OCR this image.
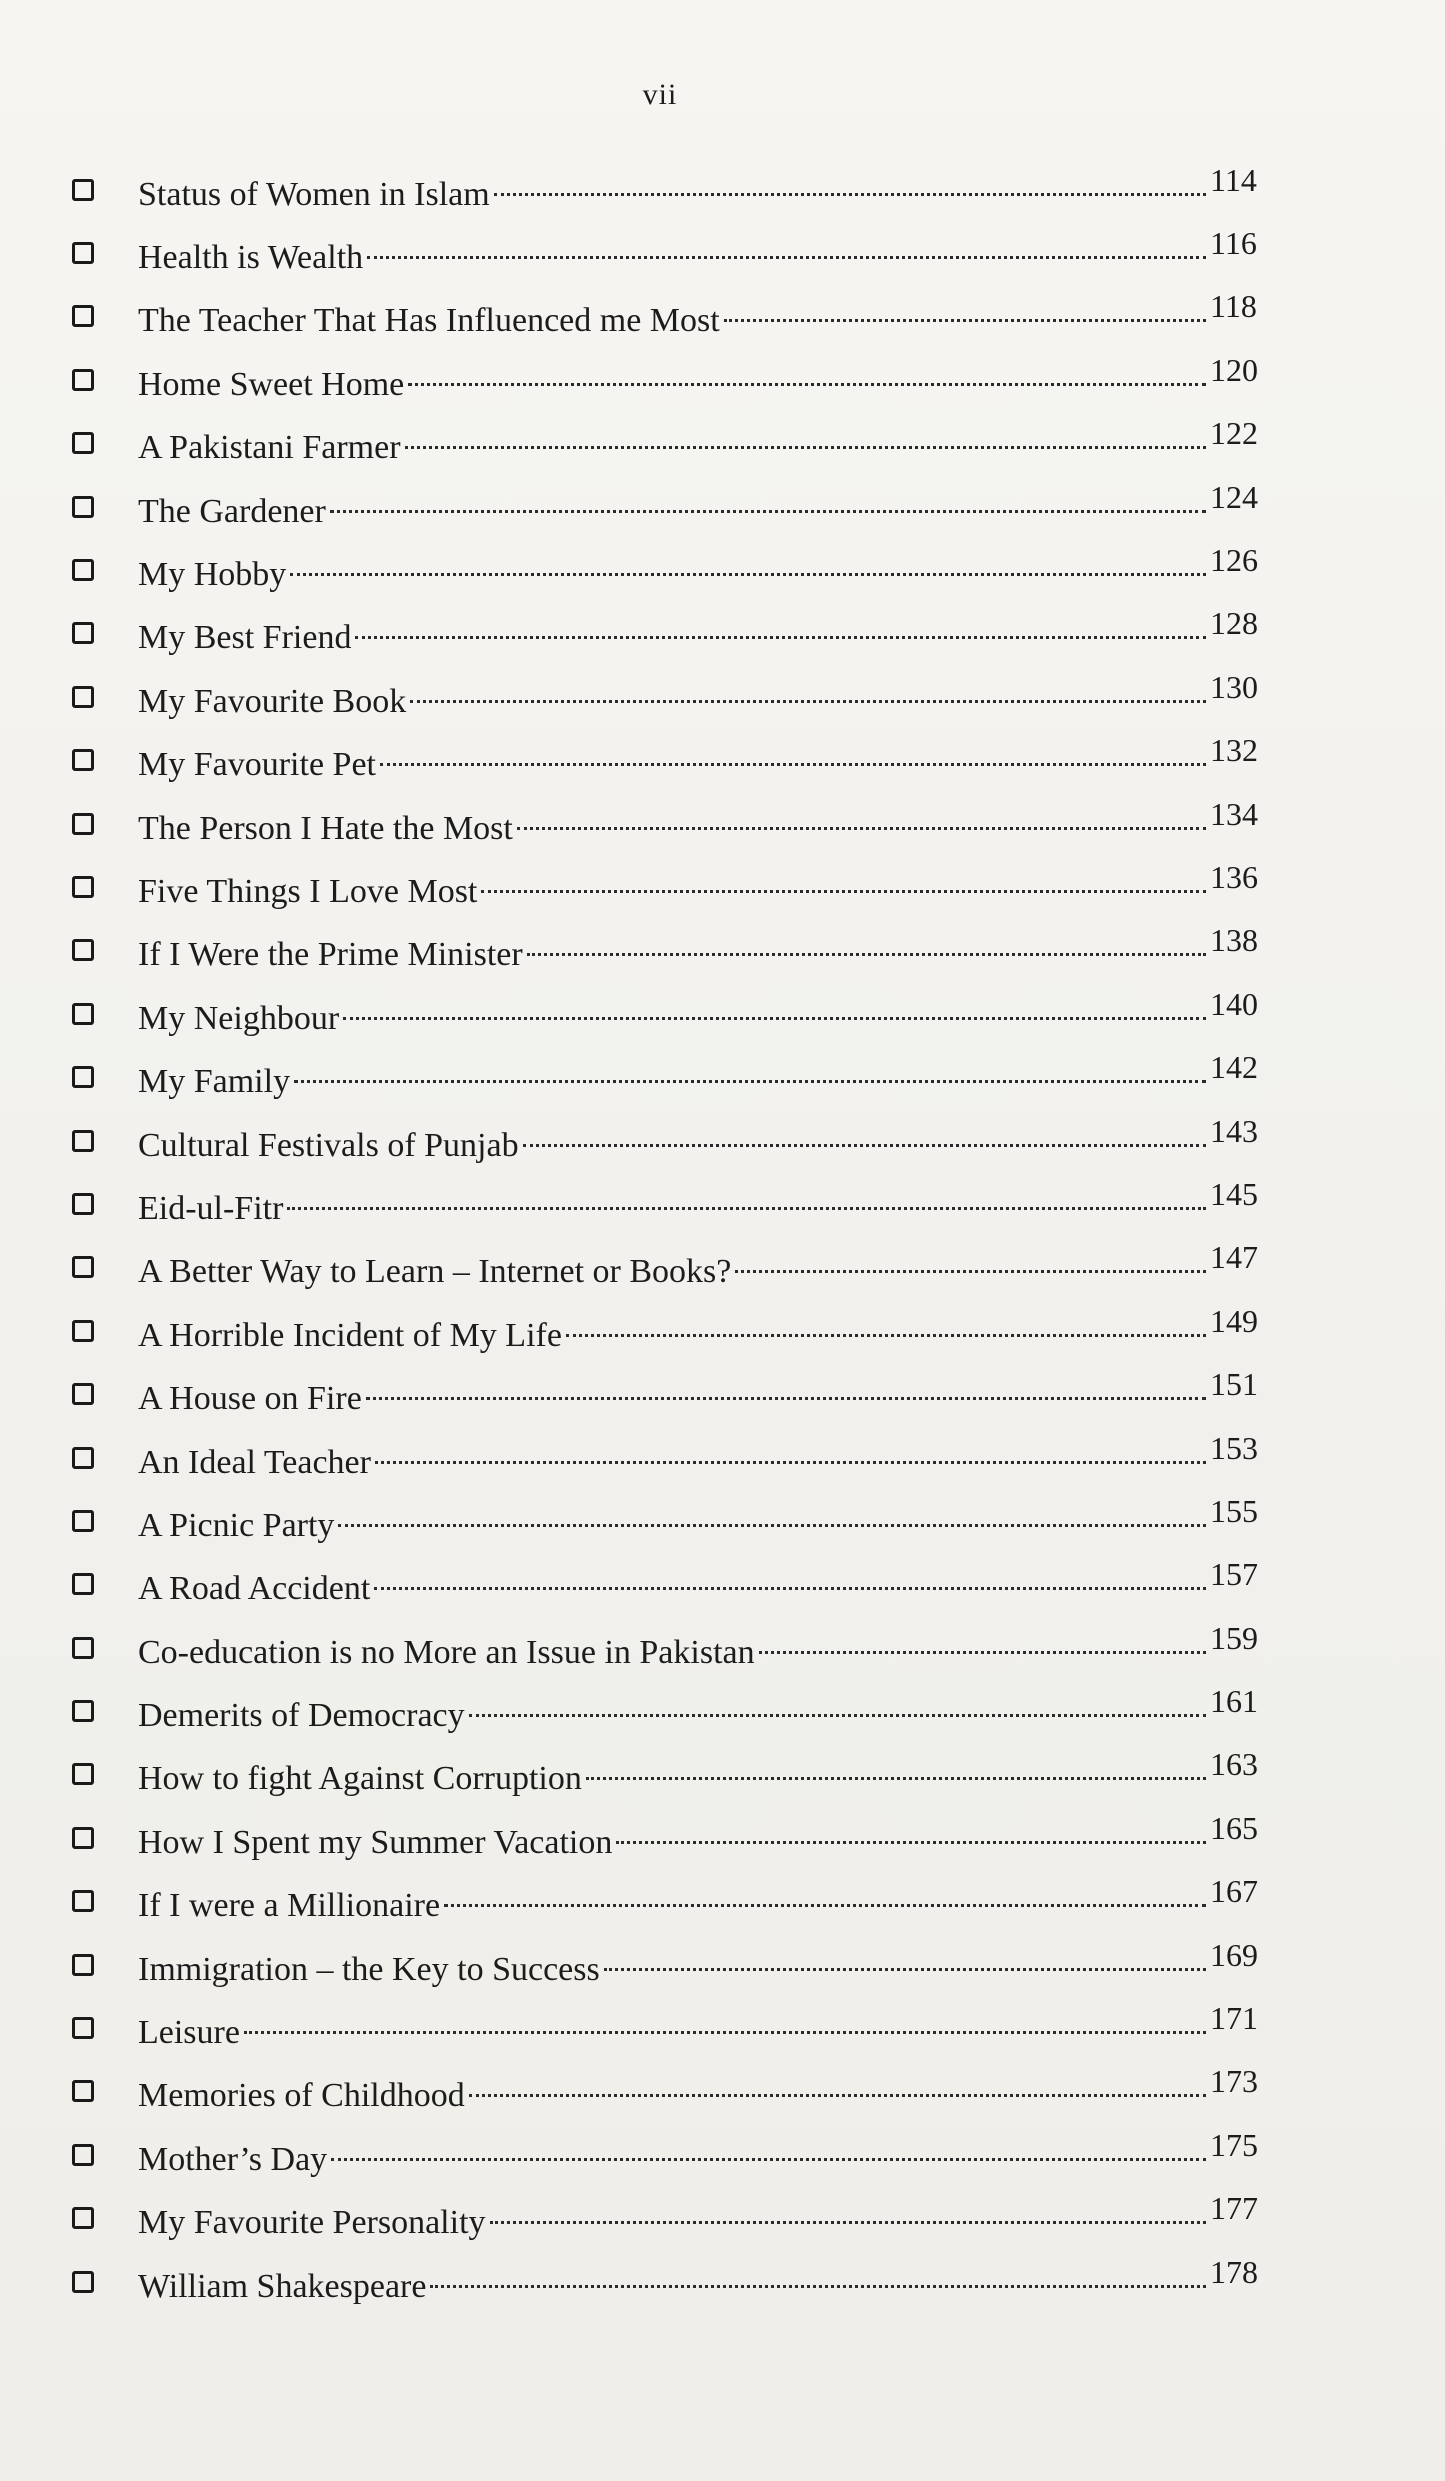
vii
Status of Women in Islam	114
Health is Wealth	116
The Teacher That Has Influenced me Most	118
Home Sweet Home	120
A Pakistani Farmer	122
The Gardener	124
My Hobby	126
My Best Friend	128
My Favourite Book	130
My Favourite Pet	132
The Person I Hate the Most	134
Five Things I Love Most	136
If I Were the Prime Minister	138
My Neighbour	140
My Family	142
Cultural Festivals of Punjab	143
Eid-ul-Fitr	145
A Better Way to Learn – Internet or Books?	147
A Horrible Incident of My Life	149
A House on Fire	151
An Ideal Teacher	153
A Picnic Party	155
A Road Accident	157
Co-education is no More an Issue in Pakistan	159
Demerits of Democracy	161
How to fight Against Corruption	163
How I Spent my Summer Vacation	165
If I were a Millionaire	167
Immigration – the Key to Success	169
Leisure	171
Memories of Childhood	173
Mother’s Day	175
My Favourite Personality	177
William Shakespeare	178
